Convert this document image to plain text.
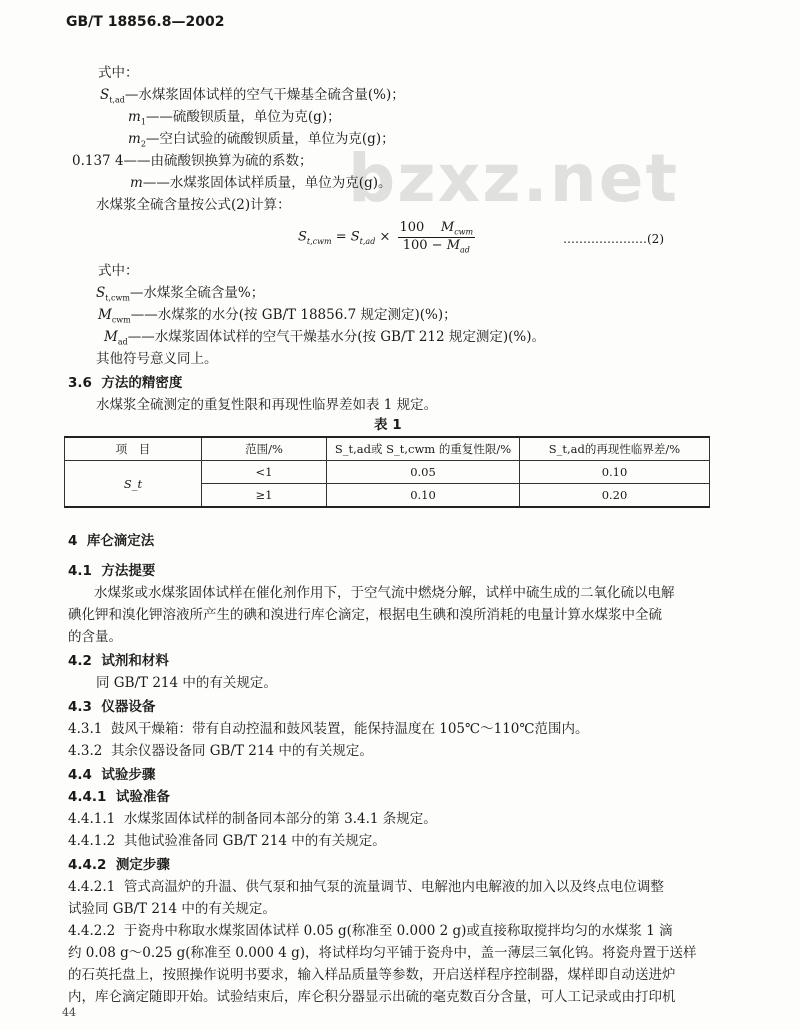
GB/T 18856.8—2002
bzxz.net
式中：
$S_{t,ad}—$水煤浆固体试样的空气干燥基全硫含量(%)；
$m_1——$硫酸钡质量，单位为克(g)；
$m_2—$空白试验的硫酸钡质量，单位为克(g)；
0.137 4——由硫酸钡换算为硫的系数；
m——水煤浆固体试样质量，单位为克(g)。
水煤浆全硫含量按公式(2)计算：
$S_{t,cwm} = S_{t,ad} \times \frac{100 M_{cwm}}{100 - M_{ad}}$	…………………(2)
式中：
$S_{t,cwm}—$水煤浆全硫含量%；
$M_{cwm}——$水煤浆的水分(按 GB/T 18856.7 规定测定)(%)；
$M_{ad}——$水煤浆固体试样的空气干燥基水分(按 GB/T 212 规定测定)(%)。
其他符号意义同上。
3.6 方法的精密度
水煤浆全硫测定的重复性限和再现性临界差如表 1 规定。
表 1
项　目	范围/%	S_t,ad或 S_t,cwm 的重复性限/%	S_t,ad的再现性临界差/%
S_t	<1	0.05	0.10
	≥1	0.10	0.20
4 库仑滴定法
4.1 方法提要
水煤浆或水煤浆固体试样在催化剂作用下，于空气流中燃烧分解，试样中硫生成的二氧化硫以电解
碘化钾和溴化钾溶液所产生的碘和溴进行库仑滴定，根据电生碘和溴所消耗的电量计算水煤浆中全硫
的含量。
4.2 试剂和材料
同 GB/T 214 中的有关规定。
4.3 仪器设备
4.3.1 鼓风干燥箱：带有自动控温和鼓风装置，能保持温度在 105℃～110℃范围内。
4.3.2 其余仪器设备同 GB/T 214 中的有关规定。
4.4 试验步骤
4.4.1 试验准备
4.4.1.1 水煤浆固体试样的制备同本部分的第 3.4.1 条规定。
4.4.1.2 其他试验准备同 GB/T 214 中的有关规定。
4.4.2 测定步骤
4.4.2.1 管式高温炉的升温、供气泵和抽气泵的流量调节、电解池内电解液的加入以及终点电位调整
试验同 GB/T 214 中的有关规定。
4.4.2.2 于瓷舟中称取水煤浆固体试样 0.05 g(称准至 0.000 2 g)或直接称取搅拌均匀的水煤浆 1 滴
约 0.08 g～0.25 g(称准至 0.000 4 g)，将试样均匀平铺于瓷舟中，盖一薄层三氧化钨。将瓷舟置于送样
的石英托盘上，按照操作说明书要求，输入样品质量等参数，开启送样程序控制器，煤样即自动送进炉
内，库仑滴定随即开始。试验结束后，库仑积分器显示出硫的毫克数百分含量，可人工记录或由打印机
44
